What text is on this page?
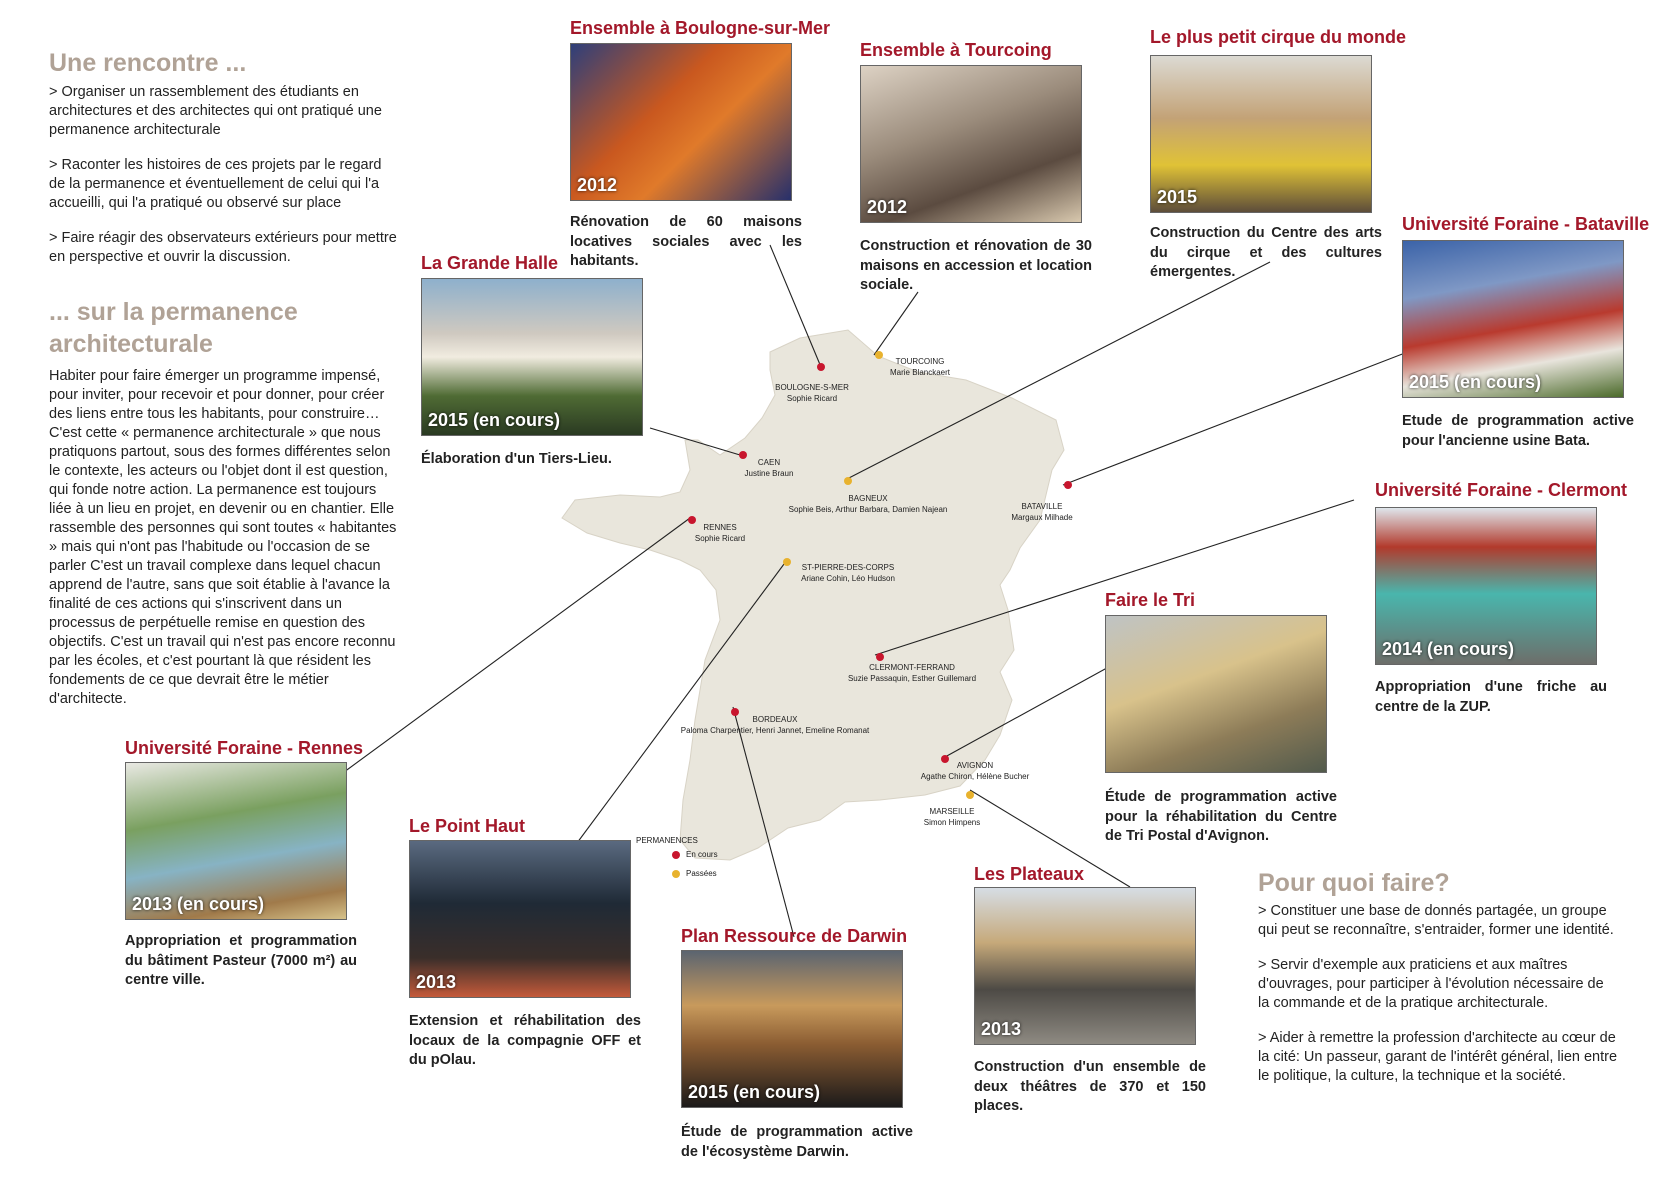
BOULOGNE-S-MER
Sophie Ricard
TOURCOING
Marie Blanckaert
CAEN
Justine Braun
BAGNEUX
Sophie Beis, Arthur Barbara, Damien Najean	BATAVILLE
Margaux Milhade
RENNES
Sophie Ricard
ST-PIERRE-DES-CORPS
Ariane Cohin, Léo Hudson
CLERMONT-FERRAND
Suzie Passaquin, Esther Guillemard
BORDEAUX
Paloma Charpentier, Henri Jannet, Emeline Romanat
AVIGNON
Agathe Chiron, Hélène Bucher
MARSEILLE
Simon Himpens
PERMANENCES
En cours
Passées
Une rencontre ...

> Organiser un rassemblement des étudiants en architectures et des architectes qui ont pratiqué une permanence architecturale

> Raconter les histoires de ces projets par le regard de la permanence et éventuellement de celui qui l'a accueilli, qui l'a pratiqué ou observé sur place

> Faire réagir des observateurs extérieurs pour mettre en perspective et ouvrir la discussion.

... sur la permanence architecturale
Habiter pour faire émerger un programme impensé, pour inviter, pour recevoir et pour donner, pour créer des liens entre tous les habitants, pour construire… C'est cette « permanence architecturale » que nous pratiquons partout, sous des formes différentes selon le contexte, les acteurs ou l'objet dont il est question, qui fonde notre action. La permanence est toujours liée à un lieu en projet, en devenir ou en chantier. Elle rassemble des personnes qui sont toutes « habitantes » mais qui n'ont pas l'habitude ou l'occasion de se parler C'est un travail complexe dans lequel chacun apprend de l'autre, sans que soit établie à l'avance la finalité de ces actions qui s'inscrivent dans un processus de perpétuelle remise en question des objectifs. C'est un travail qui n'est pas encore reconnu par les écoles, et c'est pourtant là que résident les fondements de ce que devrait être le métier d'architecte.
Pour quoi faire?

> Constituer une base de donnés partagée, un groupe qui peut se reconnaître, s'entraider, former une identité.

> Servir d'exemple aux praticiens et aux maîtres d'ouvrages, pour participer à l'évolution nécessaire de la commande et de la pratique architecturale.

> Aider à remettre la profession d'architecte au cœur de la cité: Un passeur, garant de l'intérêt général, lien entre le politique, la culture, la technique et la société.

Ensemble à Boulogne-sur-Mer
2012

Rénovation de 60 maisons locatives sociales avec les habitants.

Ensemble à Tourcoing
2012

Construction et rénovation de 30 maisons en accession et location sociale.

Le plus petit cirque du monde
2015

Construction du Centre des arts du cirque et des cultures émergentes.

Université Foraine - Bataville
2015 (en cours)

Etude de programmation active pour l'ancienne usine Bata.

La Grande Halle
2015 (en cours)

Élaboration d'un Tiers-Lieu.

Université Foraine - Clermont
2014 (en cours)

Appropriation d'une friche au centre de la ZUP.

Faire le Tri

Étude de programmation active pour la réhabilitation du Centre de Tri Postal d'Avignon.

Université Foraine - Rennes
2013 (en cours)

Appropriation et programmation du bâtiment Pasteur (7000 m²) au centre ville.

Le Point Haut
2013

Extension et réhabilitation des locaux de la compagnie OFF et du pOlau.

Plan Ressource de Darwin
2015 (en cours)

Étude de programmation active de l'écosystème Darwin.

Les Plateaux
2013

Construction d'un ensemble de deux théâtres de 370 et 150 places.
